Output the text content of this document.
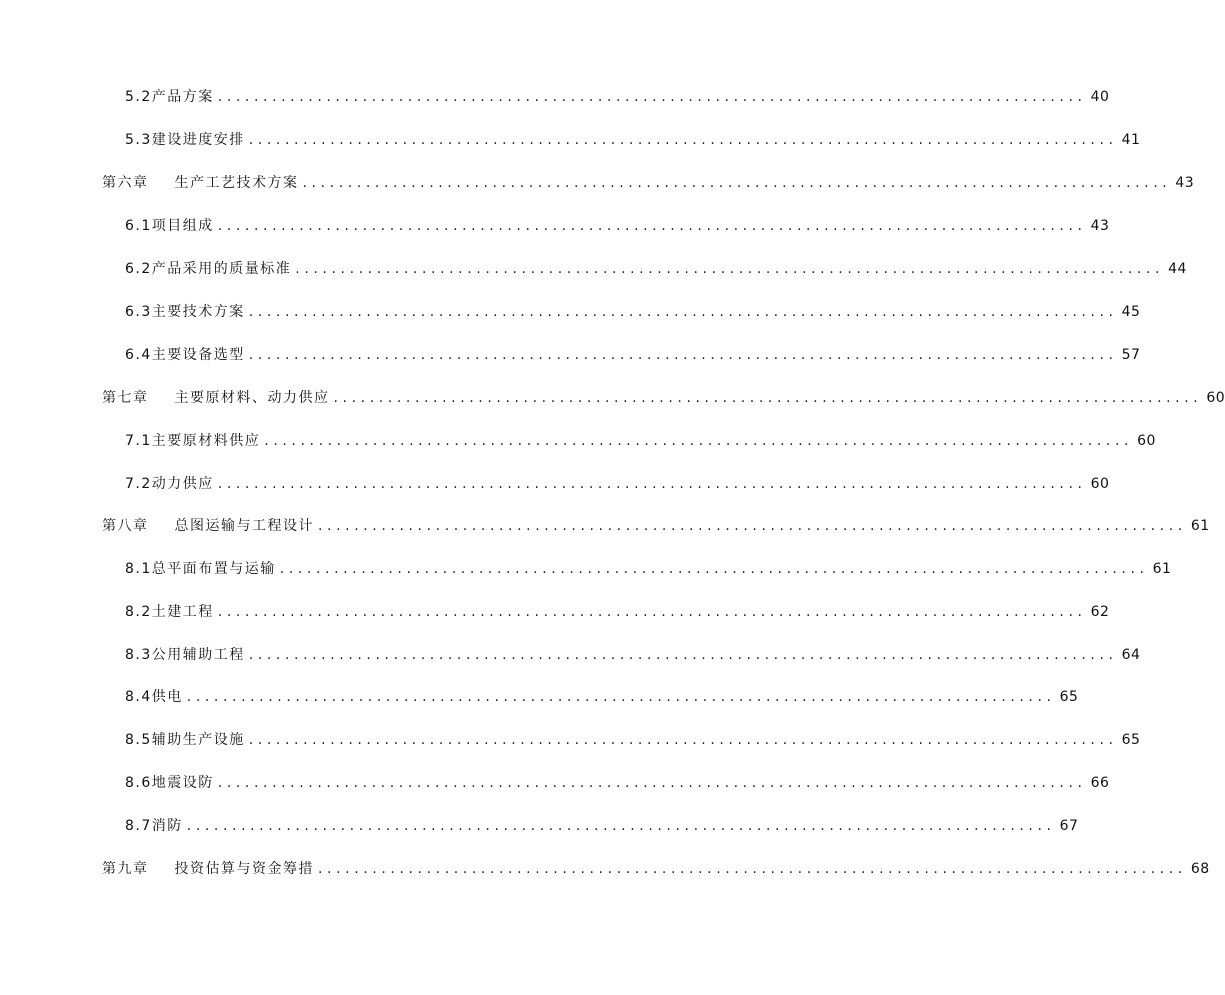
5.2 产品方案 ................................................................................................ 40
5.3 建设进度安排 ................................................................................................ 41
第六章 生产工艺技术方案 ................................................................................................ 43
6.1 项目组成 ................................................................................................ 43
6.2 产品采用的质量标准 ................................................................................................ 44
6.3 主要技术方案 ................................................................................................ 45
6.4 主要设备选型 ................................................................................................ 57
第七章 主要原材料、动力供应 ................................................................................................ 60
7.1 主要原材料供应 ................................................................................................ 60
7.2 动力供应 ................................................................................................ 60
第八章 总图运输与工程设计 ................................................................................................ 61
8.1 总平面布置与运输 ................................................................................................ 61
8.2 土建工程 ................................................................................................ 62
8.3 公用辅助工程 ................................................................................................ 64
8.4 供电 ................................................................................................ 65
8.5 辅助生产设施 ................................................................................................ 65
8.6 地震设防 ................................................................................................ 66
8.7 消防 ................................................................................................ 67
第九章 投资估算与资金筹措 ................................................................................................ 68
